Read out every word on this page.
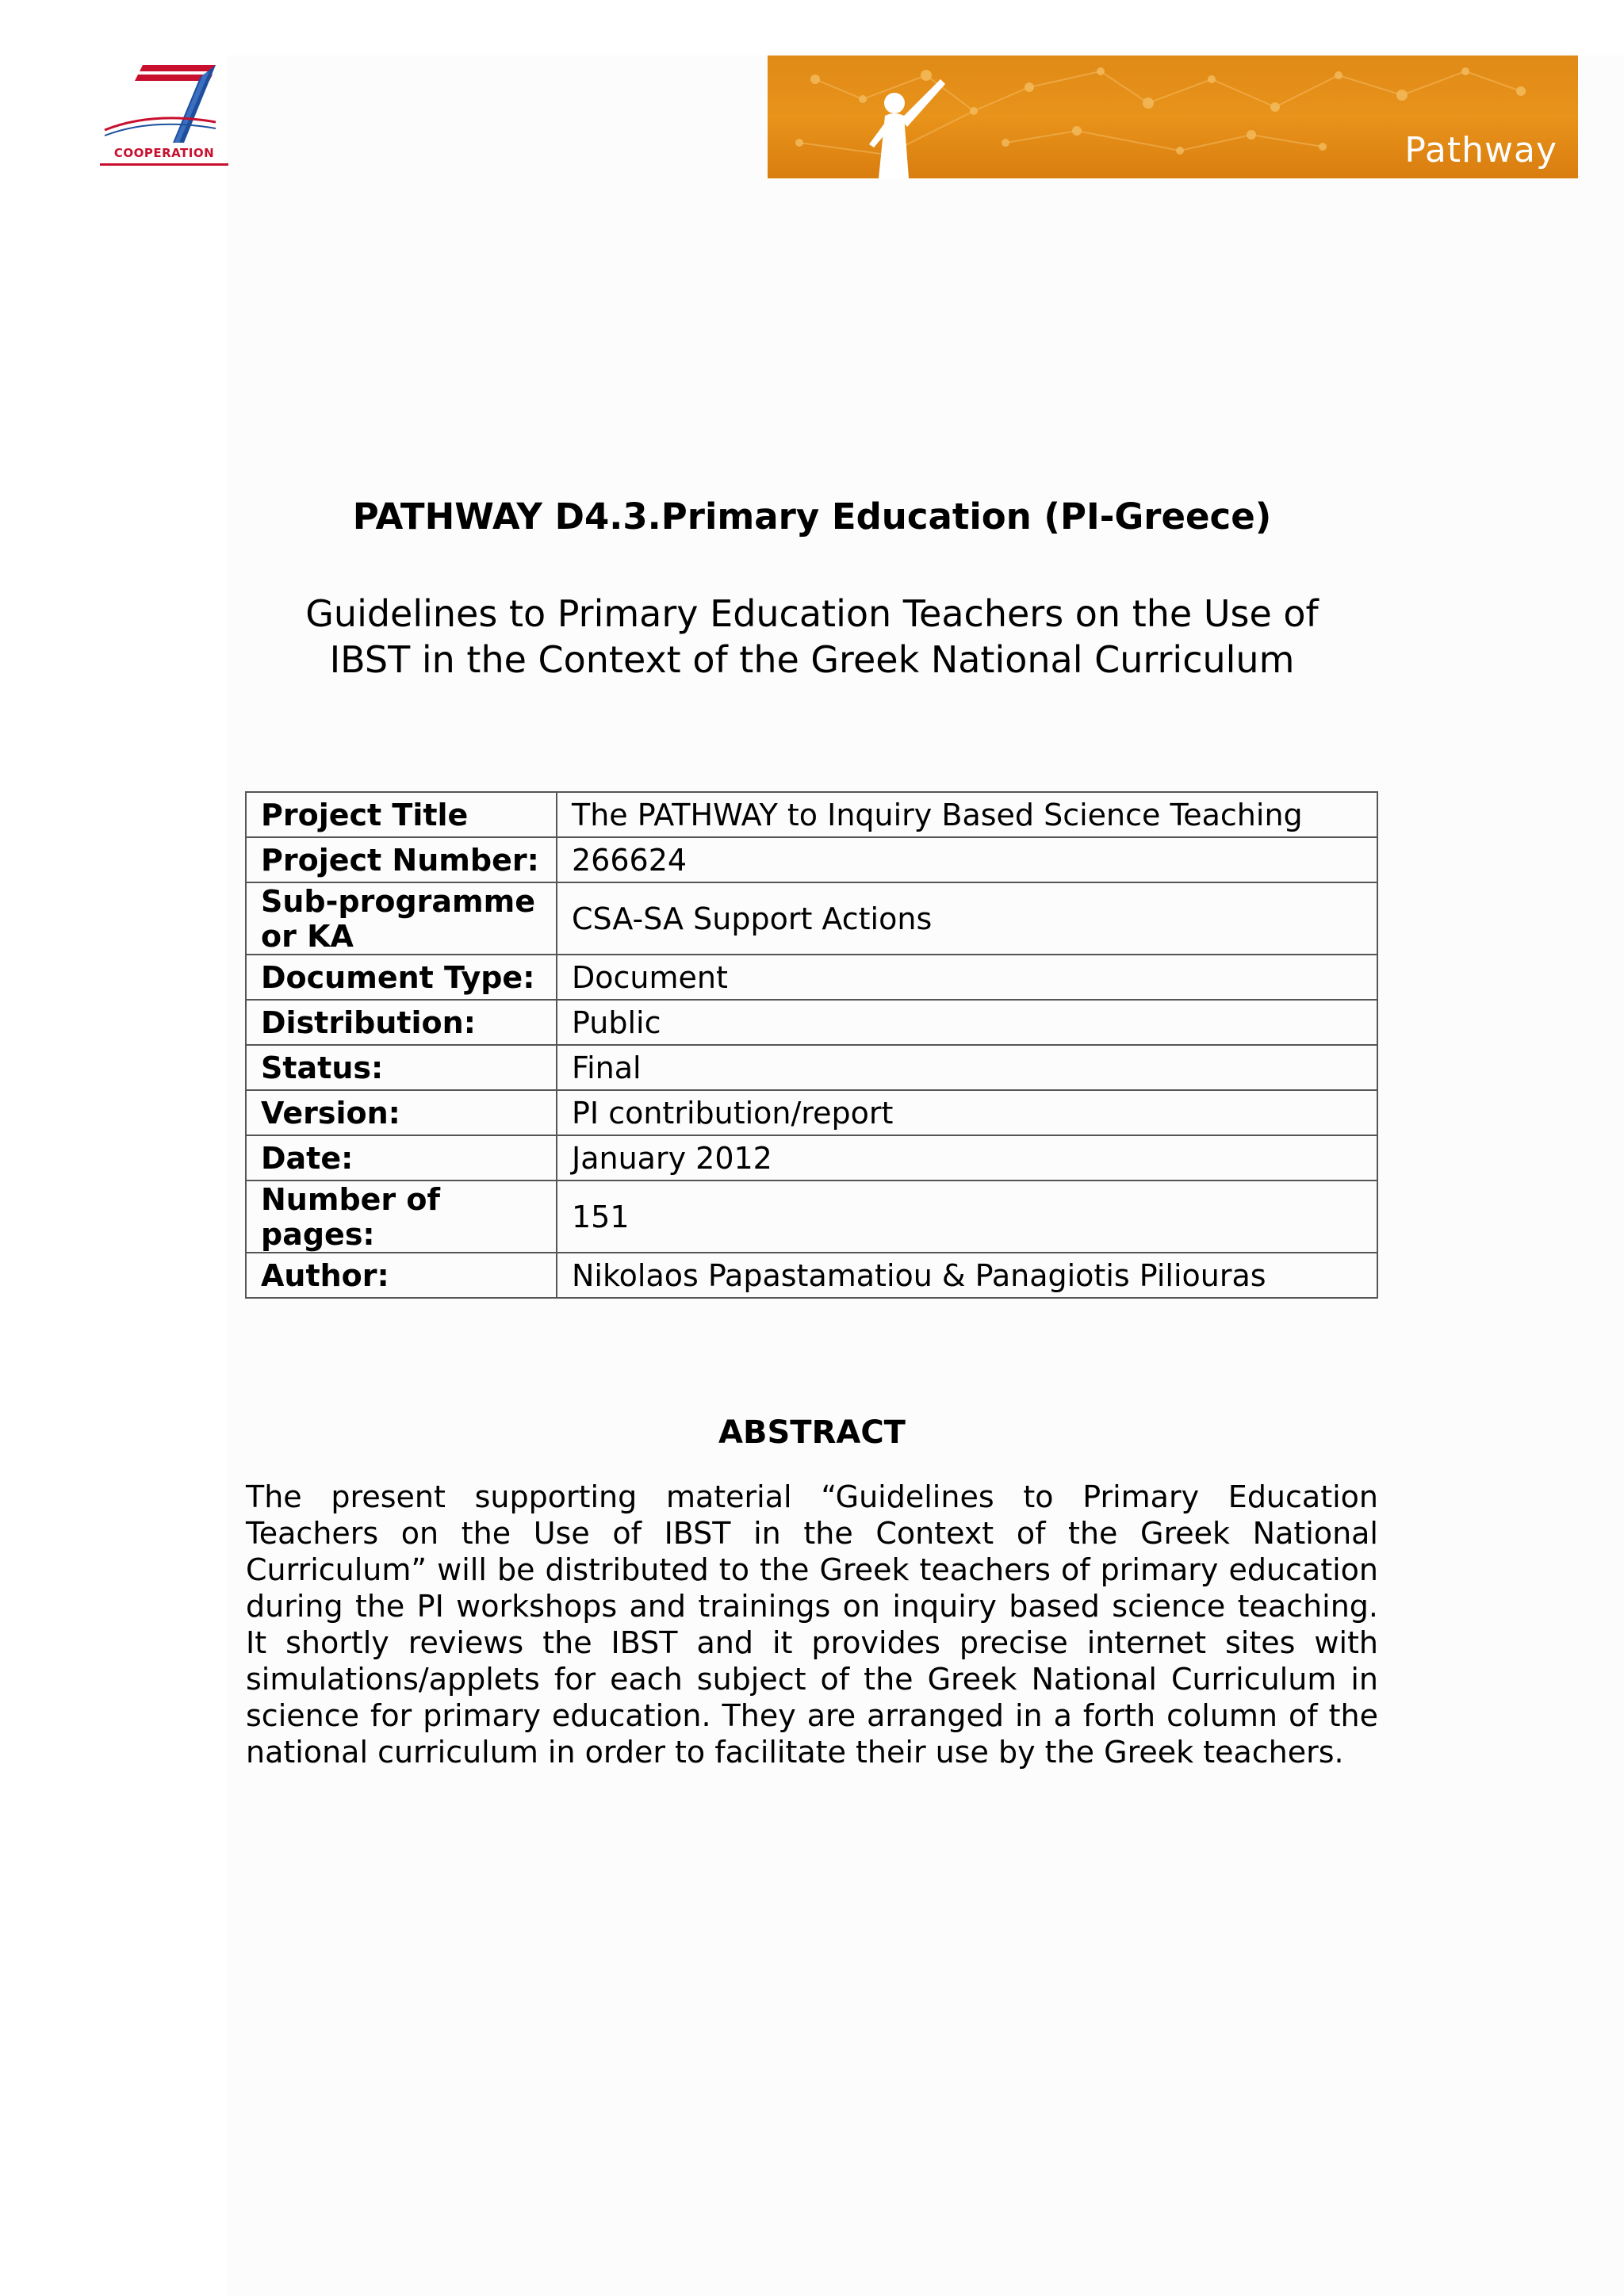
COOPERATION	Pathway
PATHWAY D4.3.Primary Education (PI-Greece)
Guidelines to Primary Education Teachers on the Use of
IBST in the Context of the Greek National Curriculum
Project Title	The PATHWAY to Inquiry Based Science Teaching
Project Number:	266624
Sub-programme or KA	CSA-SA Support Actions
Document Type:	Document
Distribution:	Public
Status:	Final
Version:	PI contribution/report
Date:	January 2012
Number of pages:	151
Author:	Nikolaos Papastamatiou & Panagiotis Piliouras
ABSTRACT
The present supporting material “Guidelines to Primary Education Teachers on the Use of IBST in the Context of the Greek National Curriculum” will be distributed to the Greek teachers of primary education during the PI workshops and trainings on inquiry based science teaching. It shortly reviews the IBST and it provides precise internet sites with simulations/applets for each subject of the Greek National Curriculum in science for primary education. They are arranged in a forth column of the national curriculum in order to facilitate their use by the Greek teachers.
